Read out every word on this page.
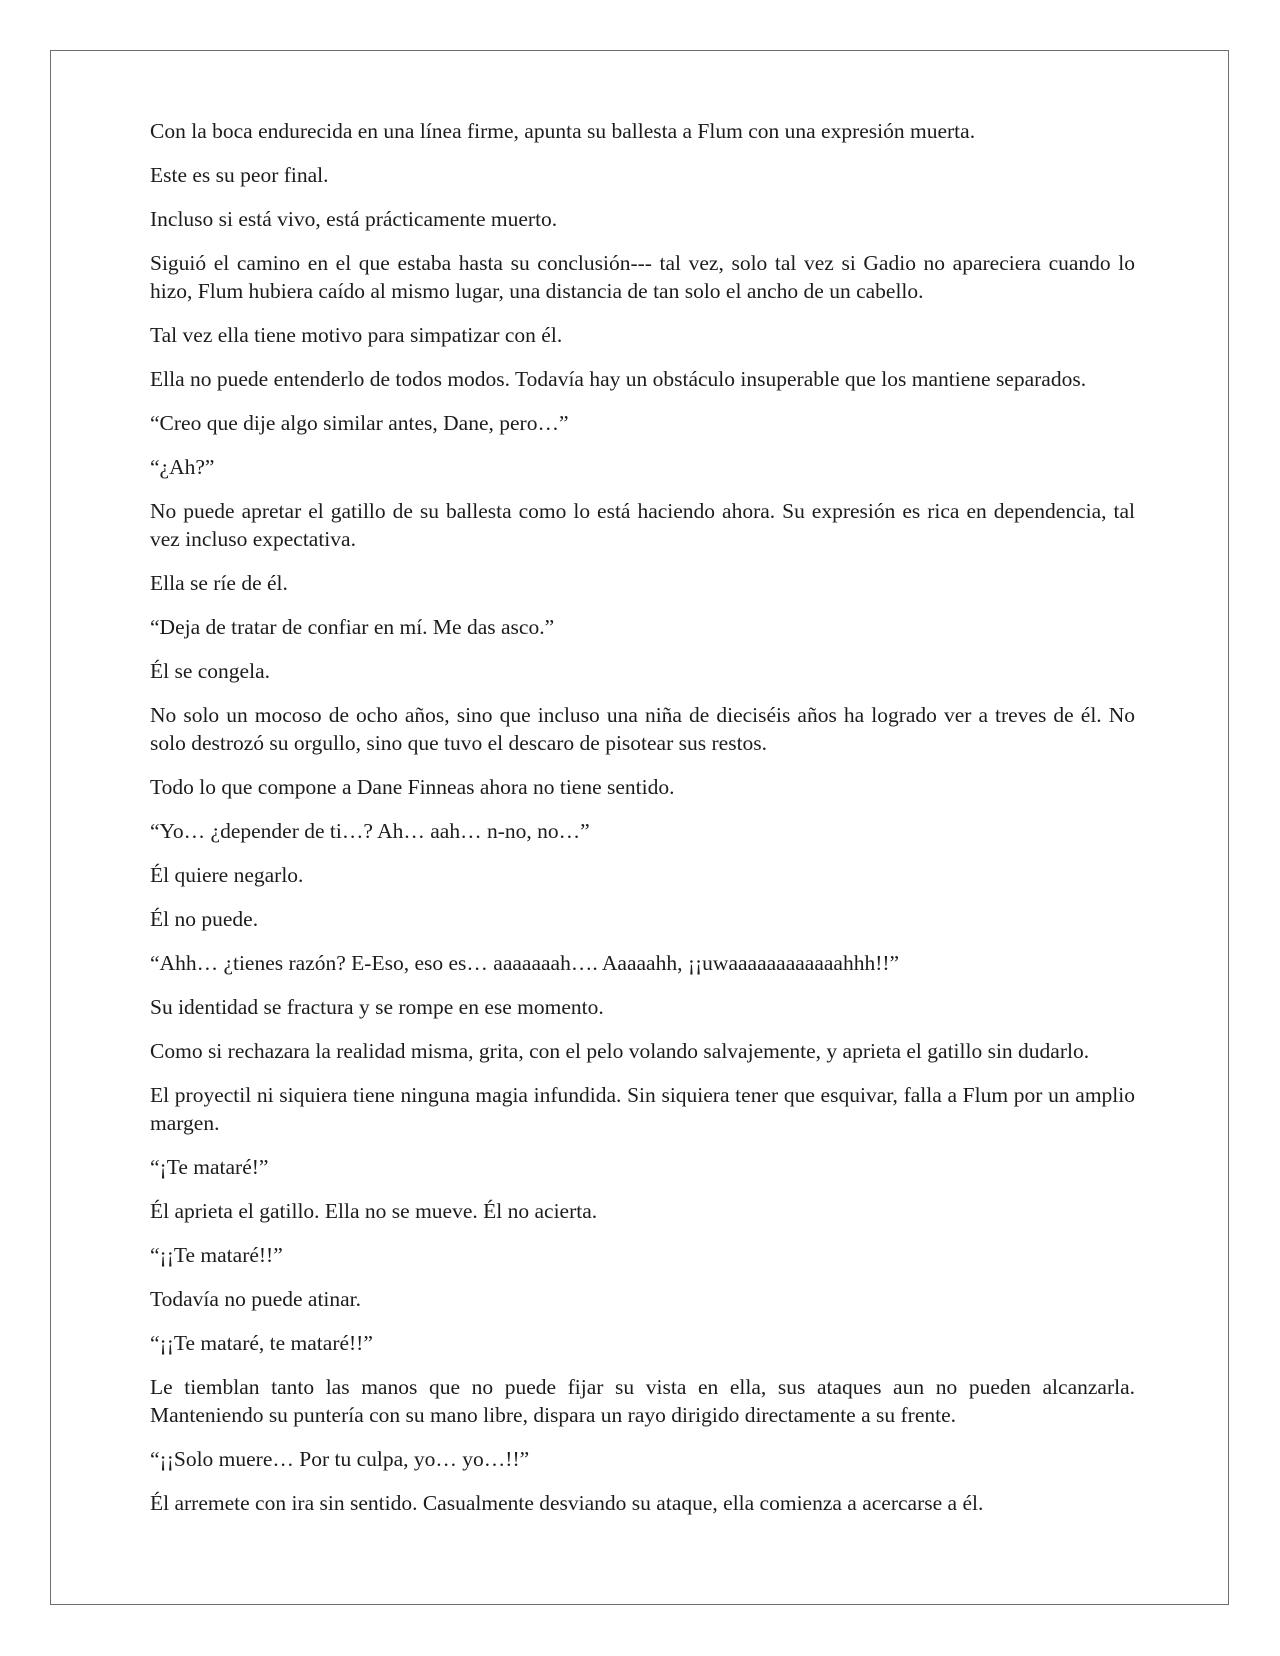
Con la boca endurecida en una línea firme, apunta su ballesta a Flum con una expresión muerta.

Este es su peor final.

Incluso si está vivo, está prácticamente muerto.

Siguió el camino en el que estaba hasta su conclusión--- tal vez, solo tal vez si Gadio no apareciera cuando lo hizo, Flum hubiera caído al mismo lugar, una distancia de tan solo el ancho de un cabello.

Tal vez ella tiene motivo para simpatizar con él.

Ella no puede entenderlo de todos modos. Todavía hay un obstáculo insuperable que los mantiene separados.

“Creo que dije algo similar antes, Dane, pero…”

“¿Ah?”

No puede apretar el gatillo de su ballesta como lo está haciendo ahora. Su expresión es rica en dependencia, tal vez incluso expectativa.

Ella se ríe de él.

“Deja de tratar de confiar en mí. Me das asco.”

Él se congela.

No solo un mocoso de ocho años, sino que incluso una niña de dieciséis años ha logrado ver a treves de él. No solo destrozó su orgullo, sino que tuvo el descaro de pisotear sus restos.

Todo lo que compone a Dane Finneas ahora no tiene sentido.

“Yo… ¿depender de ti…? Ah… aah… n-no, no…”

Él quiere negarlo.

Él no puede.

“Ahh… ¿tienes razón? E-Eso, eso es… aaaaaaah…. Aaaaahh, ¡¡uwaaaaaaaaaaaahhh!!”

Su identidad se fractura y se rompe en ese momento.

Como si rechazara la realidad misma, grita, con el pelo volando salvajemente, y aprieta el gatillo sin dudarlo.

El proyectil ni siquiera tiene ninguna magia infundida. Sin siquiera tener que esquivar, falla a Flum por un amplio margen.

“¡Te mataré!”

Él aprieta el gatillo. Ella no se mueve. Él no acierta.

“¡¡Te mataré!!”

Todavía no puede atinar.

“¡¡Te mataré, te mataré!!”

Le tiemblan tanto las manos que no puede fijar su vista en ella, sus ataques aun no pueden alcanzarla. Manteniendo su puntería con su mano libre, dispara un rayo dirigido directamente a su frente.

“¡¡Solo muere… Por tu culpa, yo… yo…!!”

Él arremete con ira sin sentido. Casualmente desviando su ataque, ella comienza a acercarse a él.
